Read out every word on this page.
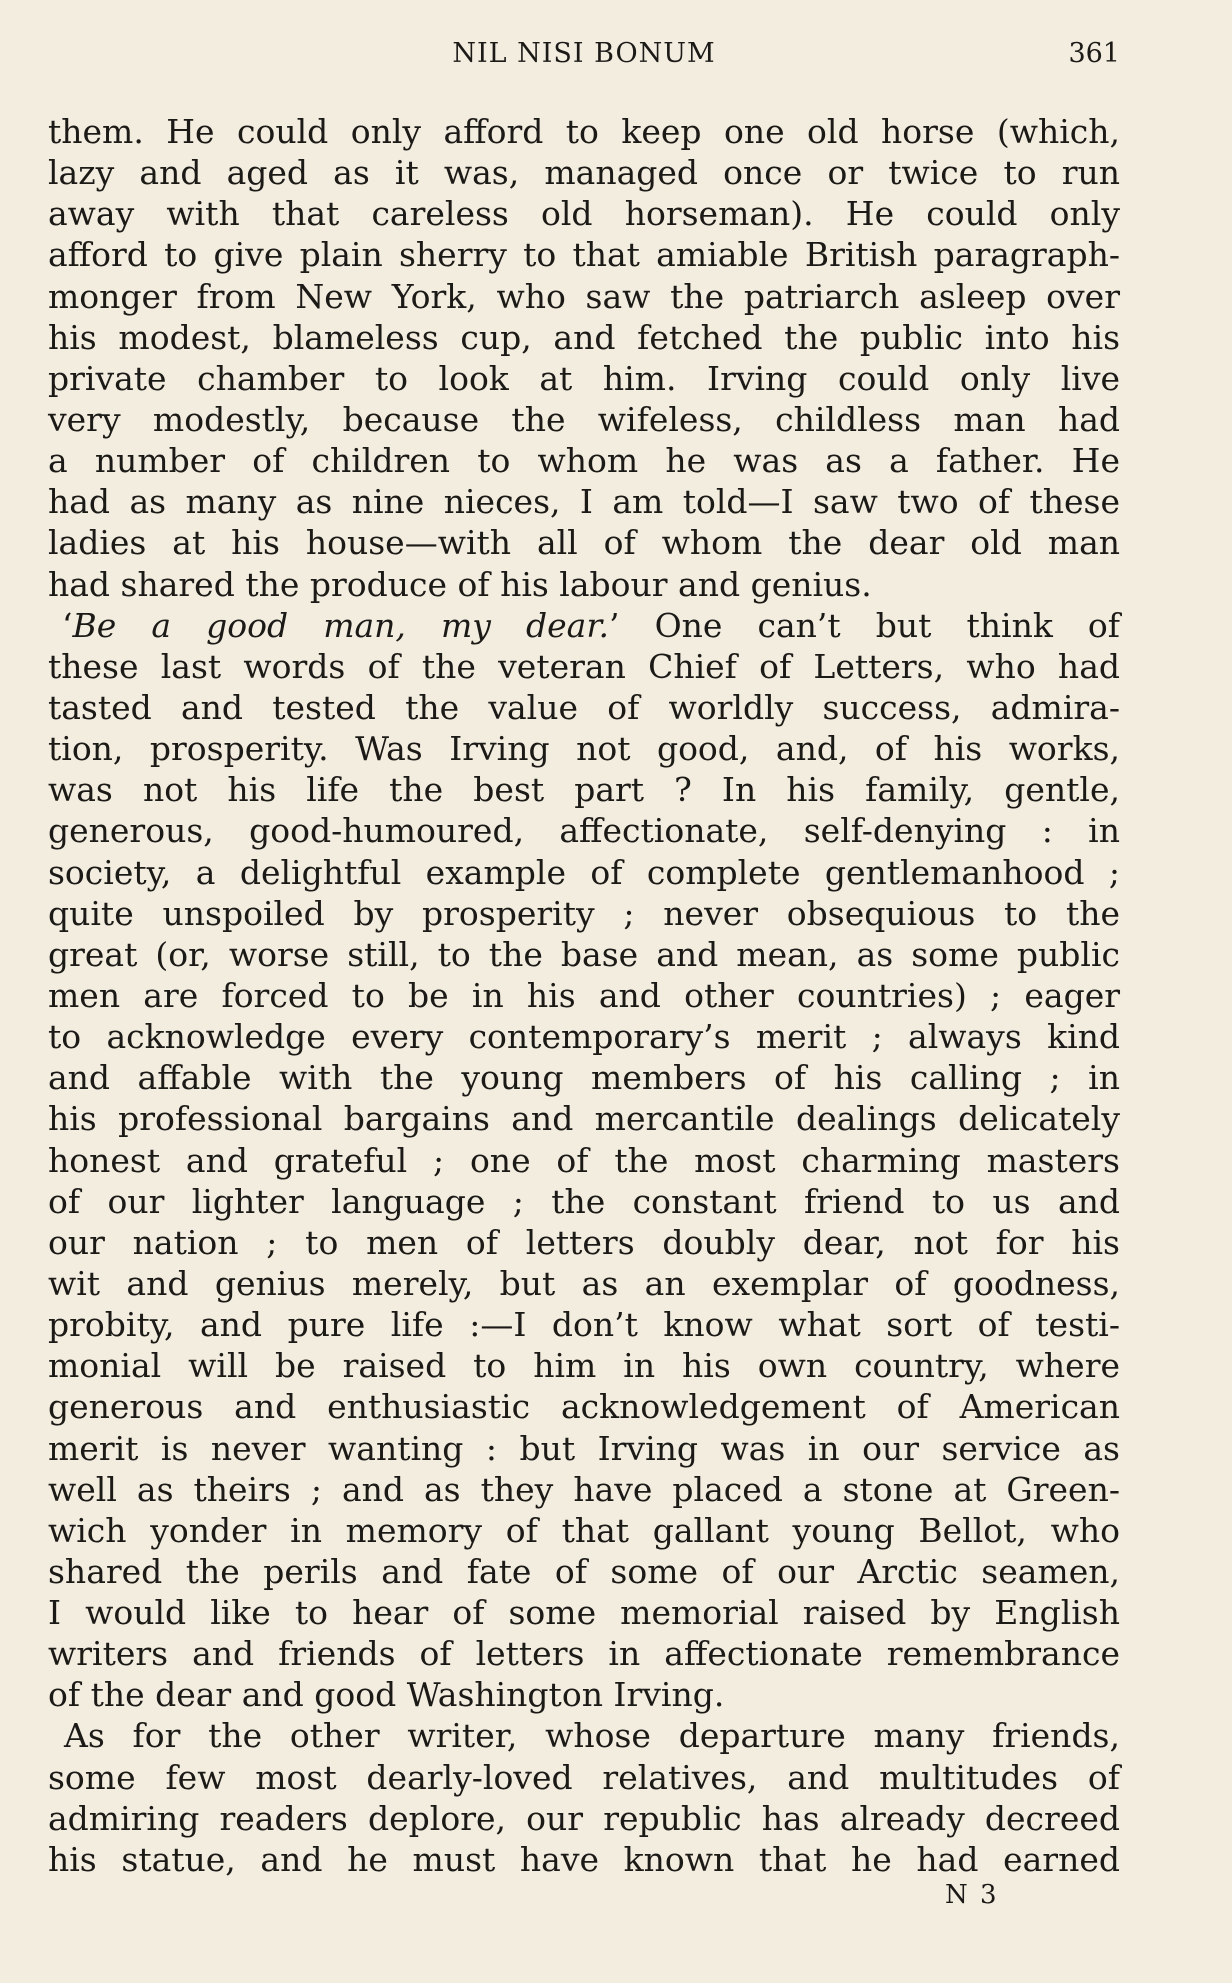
NIL NISI BONUM	361
them. He could only afford to keep one old horse (which,
lazy and aged as it was, managed once or twice to run
away with that careless old horseman). He could only
afford to give plain sherry to that amiable British paragraph-
monger from New York, who saw the patriarch asleep over
his modest, blameless cup, and fetched the public into his
private chamber to look at him. Irving could only live
very modestly, because the wifeless, childless man had
a number of children to whom he was as a father. He
had as many as nine nieces, I am told—I saw two of these
ladies at his house—with all of whom the dear old man
had shared the produce of his labour and genius.
‘Be a good man, my dear.’ One can’t but think of
these last words of the veteran Chief of Letters, who had
tasted and tested the value of worldly success, admira-
tion, prosperity. Was Irving not good, and, of his works,
was not his life the best part ? In his family, gentle,
generous, good-humoured, affectionate, self-denying : in
society, a delightful example of complete gentlemanhood ;
quite unspoiled by prosperity ; never obsequious to the
great (or, worse still, to the base and mean, as some public
men are forced to be in his and other countries) ; eager
to acknowledge every contemporary’s merit ; always kind
and affable with the young members of his calling ; in
his professional bargains and mercantile dealings delicately
honest and grateful ; one of the most charming masters
of our lighter language ; the constant friend to us and
our nation ; to men of letters doubly dear, not for his
wit and genius merely, but as an exemplar of goodness,
probity, and pure life :—I don’t know what sort of testi-
monial will be raised to him in his own country, where
generous and enthusiastic acknowledgement of American
merit is never wanting : but Irving was in our service as
well as theirs ; and as they have placed a stone at Green-
wich yonder in memory of that gallant young Bellot, who
shared the perils and fate of some of our Arctic seamen,
I would like to hear of some memorial raised by English
writers and friends of letters in affectionate remembrance
of the dear and good Washington Irving.
As for the other writer, whose departure many friends,
some few most dearly-loved relatives, and multitudes of
admiring readers deplore, our republic has already decreed
his statue, and he must have known that he had earned
N 3
